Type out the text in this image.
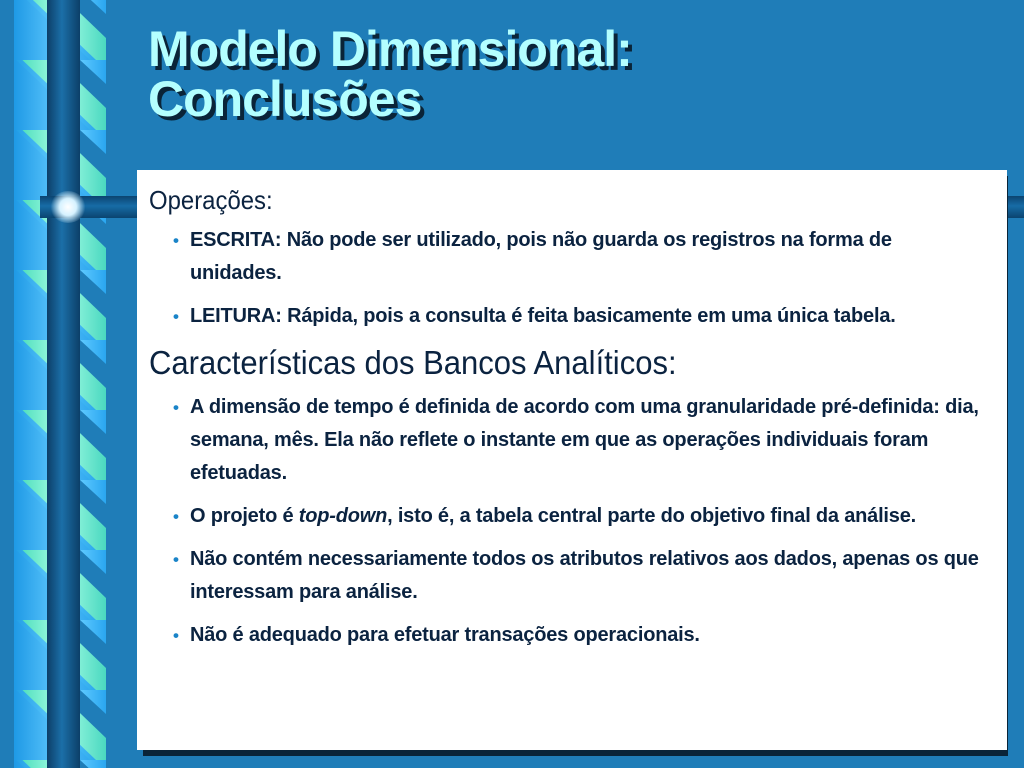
Modelo Dimensional:
Conclusões
Operações:
• ESCRITA: Não pode ser utilizado, pois não guarda os registros na forma de unidades.
• LEITURA: Rápida, pois a consulta é feita basicamente em uma única tabela.
Características dos Bancos Analíticos:
• A dimensão de tempo é definida de acordo com uma granularidade pré-definida: dia, semana, mês. Ela não reflete o instante em que as operações individuais foram efetuadas.
• O projeto é top-down, isto é, a tabela central parte do objetivo final da análise.
• Não contém necessariamente todos os atributos relativos aos dados, apenas os que interessam para análise.
• Não é adequado para efetuar transações operacionais.
